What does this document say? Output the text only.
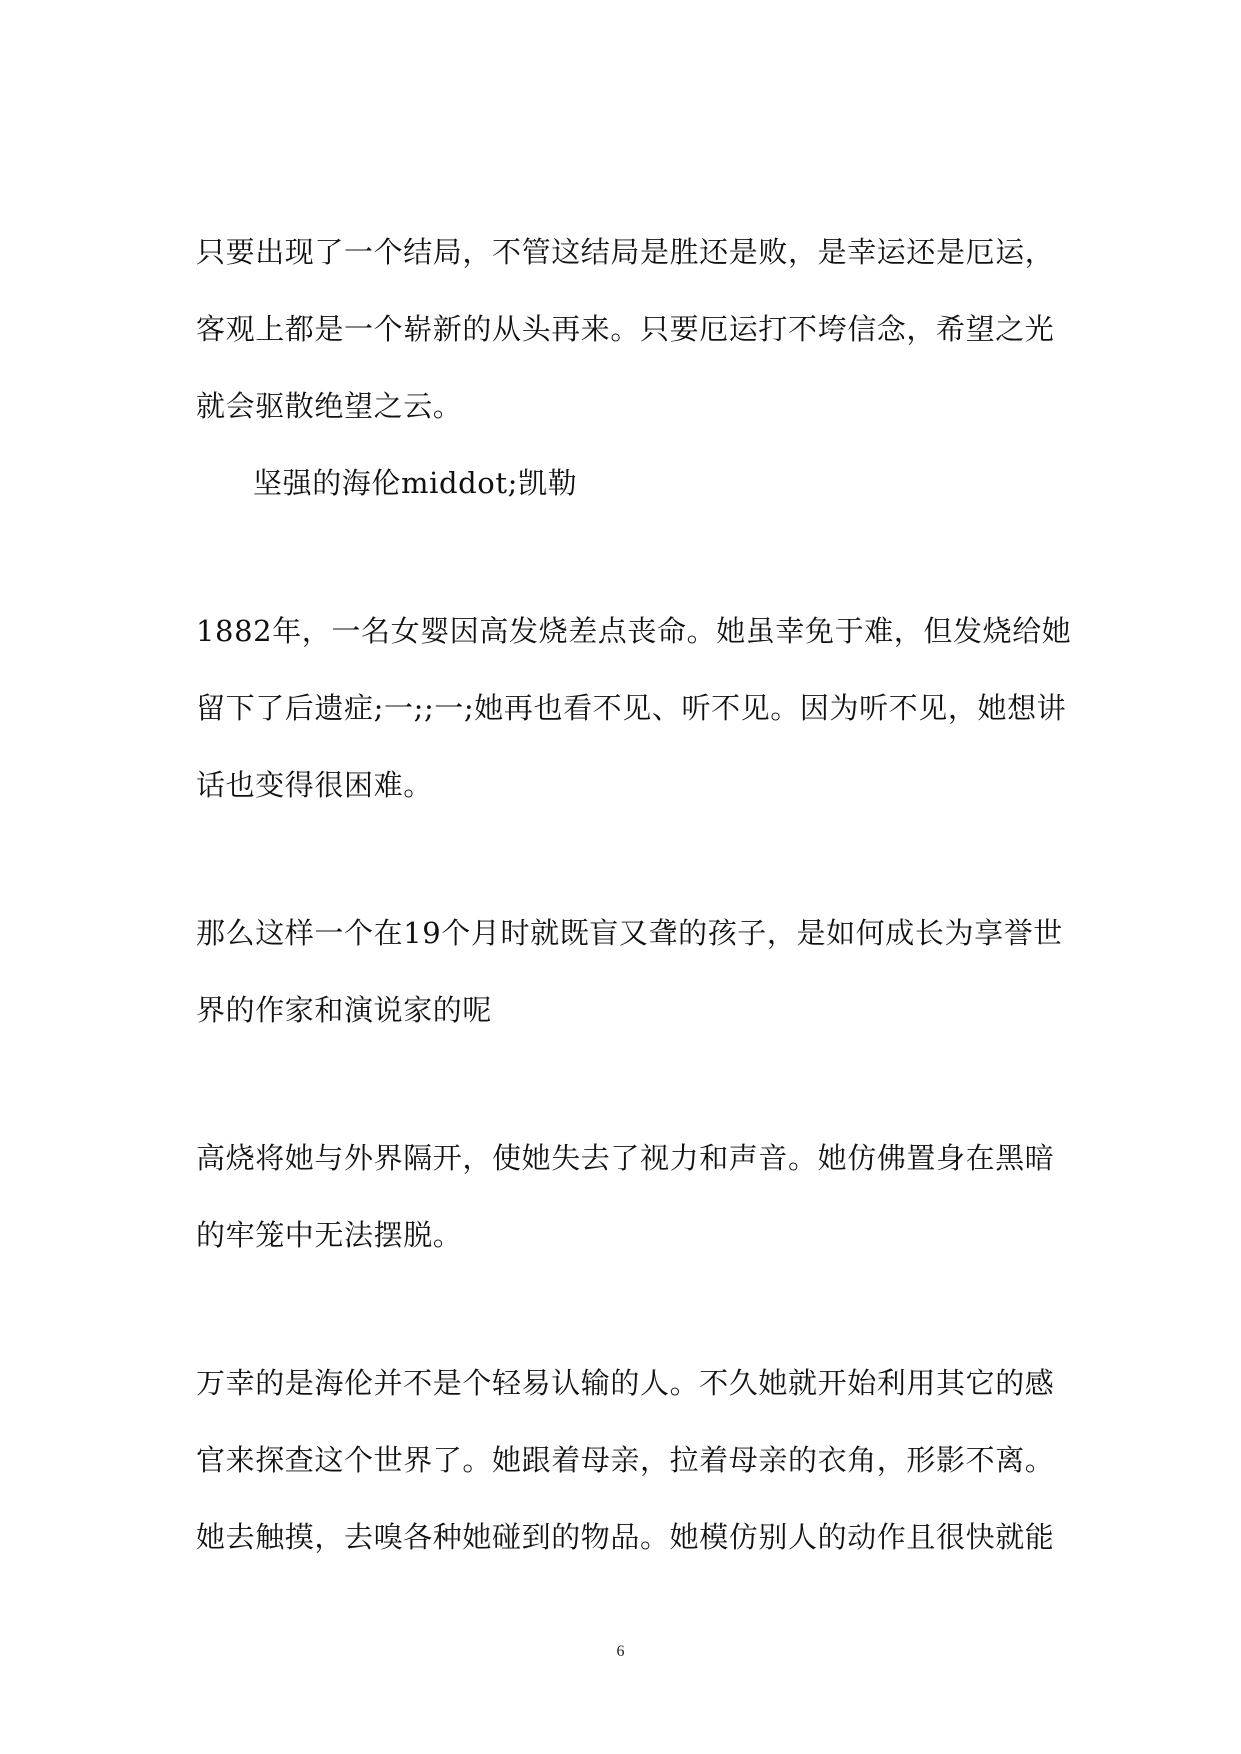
只要出现了一个结局，不管这结局是胜还是败，是幸运还是厄运，
客观上都是一个崭新的从头再来。只要厄运打不垮信念，希望之光
就会驱散绝望之云。
坚强的海伦middot;凯勒
1882年，一名女婴因高发烧差点丧命。她虽幸免于难，但发烧给她
留下了后遗症;一;;一;她再也看不见、听不见。因为听不见，她想讲
话也变得很困难。
那么这样一个在19个月时就既盲又聋的孩子，是如何成长为享誉世
界的作家和演说家的呢
高烧将她与外界隔开，使她失去了视力和声音。她仿佛置身在黑暗
的牢笼中无法摆脱。
万幸的是海伦并不是个轻易认输的人。不久她就开始利用其它的感
官来探查这个世界了。她跟着母亲，拉着母亲的衣角，形影不离。
她去触摸，去嗅各种她碰到的物品。她模仿别人的动作且很快就能
6
